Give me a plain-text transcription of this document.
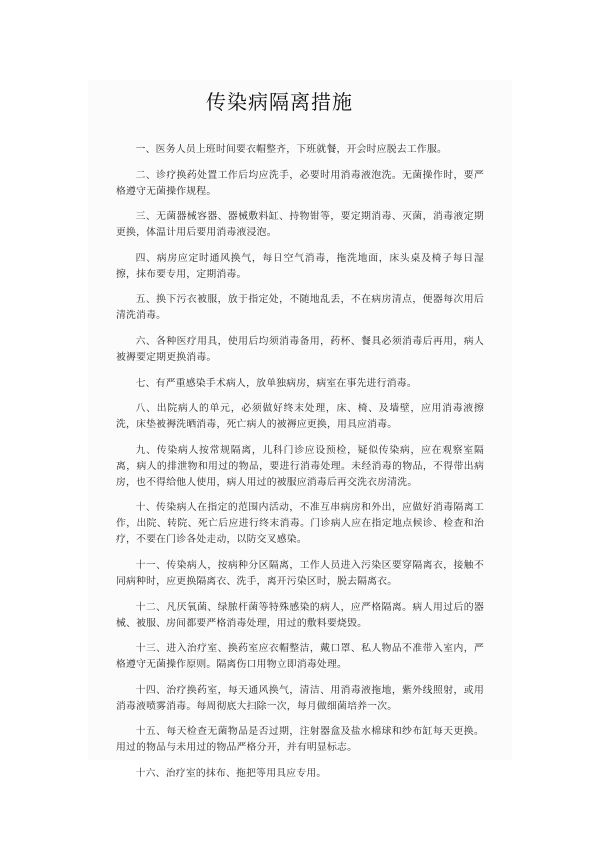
传染病隔离措施

一、医务人员上班时间要衣帽整齐，下班就餐，开会时应脱去工作服。

二、诊疗换药处置工作后均应洗手，必要时用消毒液泡洗。无菌操作时，要严格遵守无菌操作规程。

三、无菌器械容器、器械敷料缸、持物钳等，要定期消毒、灭菌，消毒液定期更换，体温计用后要用消毒液浸泡。

四、病房应定时通风换气，每日空气消毒，拖洗地面，床头桌及椅子每日湿擦，抹布要专用，定期消毒。

五、换下污衣被服，放于指定处，不随地乱丢，不在病房清点，便器每次用后清洗消毒。

六、各种医疗用具，使用后均须消毒备用，药杯、餐具必须消毒后再用，病人被褥要定期更换消毒。

七、有严重感染手术病人，放单独病房，病室在事先进行消毒。

八、出院病人的单元，必须做好终末处理，床、椅、及墙壁，应用消毒液擦洗，床垫被褥洗晒消毒，死亡病人的被褥应更换，用具应消毒。

九、传染病人按常规隔离，儿科门诊应设预检，疑似传染病，应在观察室隔离，病人的排泄物和用过的物品，要进行消毒处理。未经消毒的物品，不得带出病房，也不得给他人使用，病人用过的被服应消毒后再交洗衣房清洗。

十、传染病人在指定的范围内活动，不准互串病房和外出，应做好消毒隔离工作，出院、转院、死亡后应进行终末消毒。门诊病人应在指定地点候诊、检查和治疗，不要在门诊各处走动，以防交叉感染。

十一、传染病人，按病种分区隔离，工作人员进入污染区要穿隔离衣，接触不同病种时，应更换隔离衣、洗手，离开污染区时，脱去隔离衣。

十二、凡厌氧菌、绿脓杆菌等特殊感染的病人，应严格隔离。病人用过后的器械、被服、房间都要严格消毒处理，用过的敷料要烧毁。

十三、进入治疗室、换药室应衣帽整洁，戴口罩、私人物品不准带入室内，严格遵守无菌操作原则。隔离伤口用物立即消毒处理。

十四、治疗换药室，每天通风换气，清洁、用消毒液拖地，紫外线照射，或用消毒液喷雾消毒。每周彻底大扫除一次，每月做细菌培养一次。

十五、每天检查无菌物品是否过期，注射器盒及盐水棉球和纱布缸每天更换。用过的物品与未用过的物品严格分开，并有明显标志。

十六、治疗室的抹布、拖把等用具应专用。
